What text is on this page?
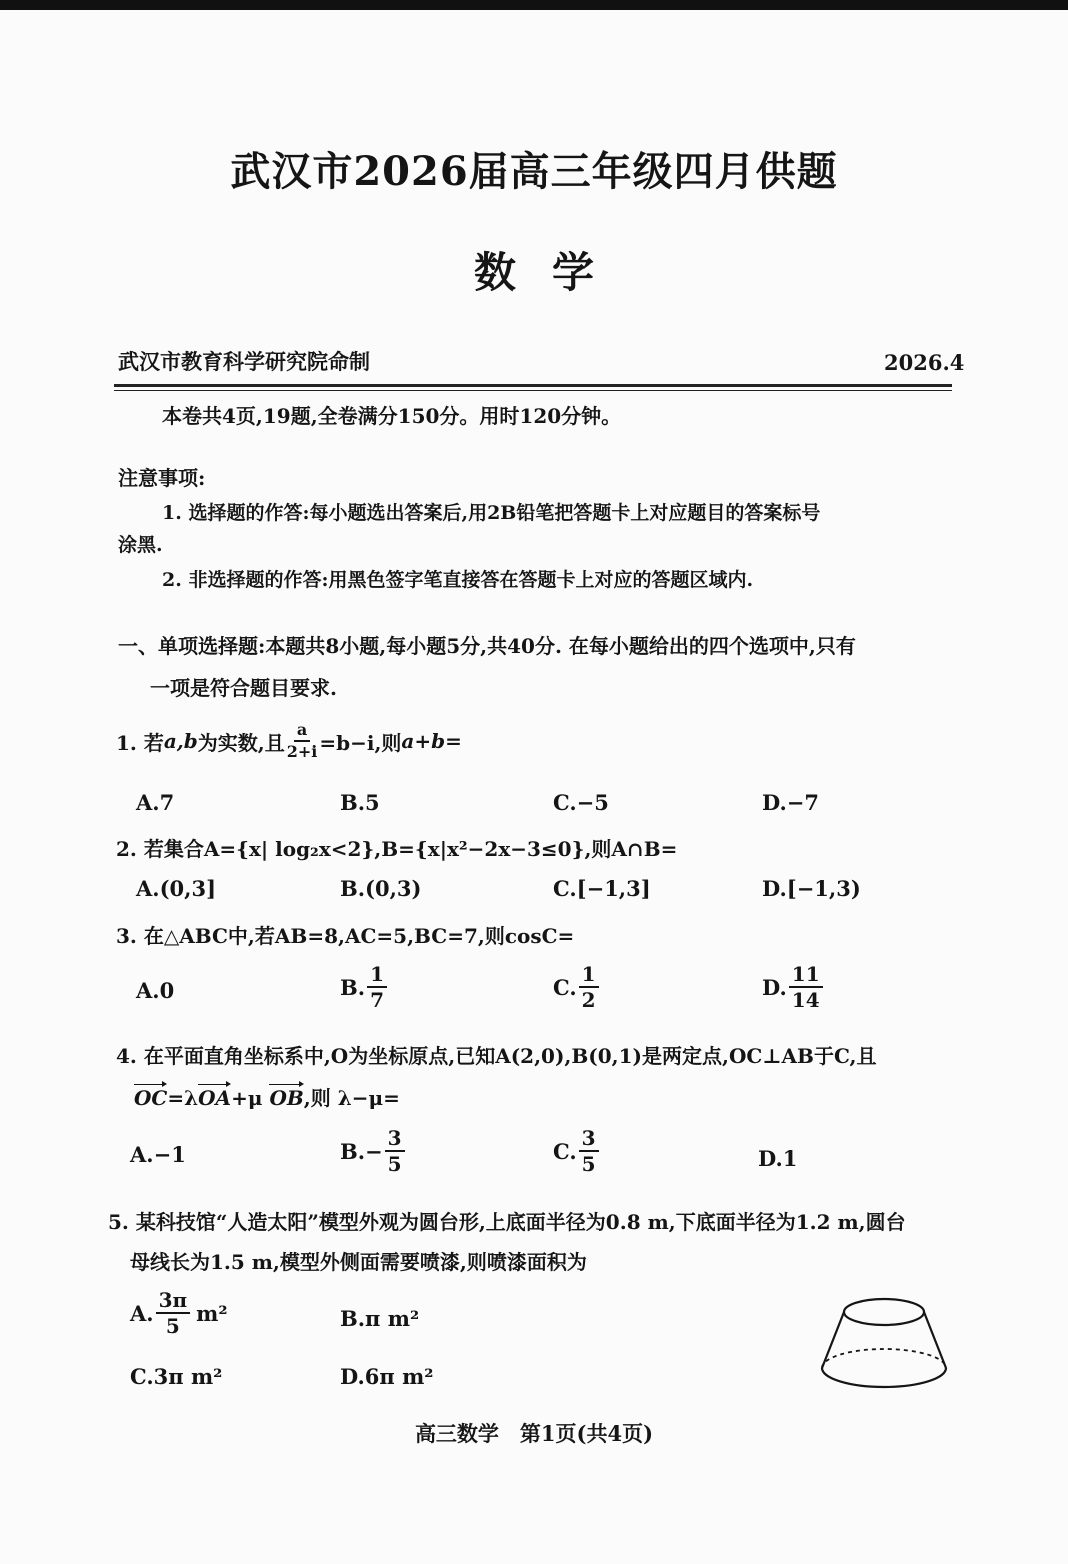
武汉市2026届高三年级四月供题
数学
武汉市教育科学研究院命制	2026.4
本卷共4页,19题,全卷满分150分。用时120分钟。
注意事项:
1. 选择题的作答:每小题选出答案后,用2B铅笔把答题卡上对应题目的答案标号
涂黑.
2. 非选择题的作答:用黑色签字笔直接答在答题卡上对应的答题区域内.
一、单项选择题:本题共8小题,每小题5分,共40分. 在每小题给出的四个选项中,只有
一项是符合题目要求.
1. 若 a,b 为实数,且 $\frac{a}{2+i} =b-i$,则 a+b=
A.7	B.5	C.−5	D.−7
2. 若集合A={x| log₂x<2},B={x|x²−2x−3≤0},则A∩B=
A.(0,3]	B.(0,3)	C.[−1,3]	D.[−1,3)
3. 在△ABC中,若AB=8,AC=5,BC=7,则cosC=
A.0	B. $\frac{1}{7}$	C. $\frac{1}{2}$	D. $\frac{11}{14}$
4. 在平面直角坐标系中,O为坐标原点,已知A(2,0),B(0,1)是两定点,OC⊥AB于C,且
OC=λOA+μ OB,则 λ−μ=
A.−1	$B.- \frac{3}{5}$	C. $\frac{3}{5}$	D.1
5. 某科技馆“人造太阳”模型外观为圆台形,上底面半径为0.8 m,下底面半径为1.2 m,圆台
母线长为1.5 m,模型外侧面需要喷漆,则喷漆面积为
A. $\frac{3\pi}{5} m^2$	B.π m²
C.3π m²	D.6π m²
高三数学　第1页(共4页)
